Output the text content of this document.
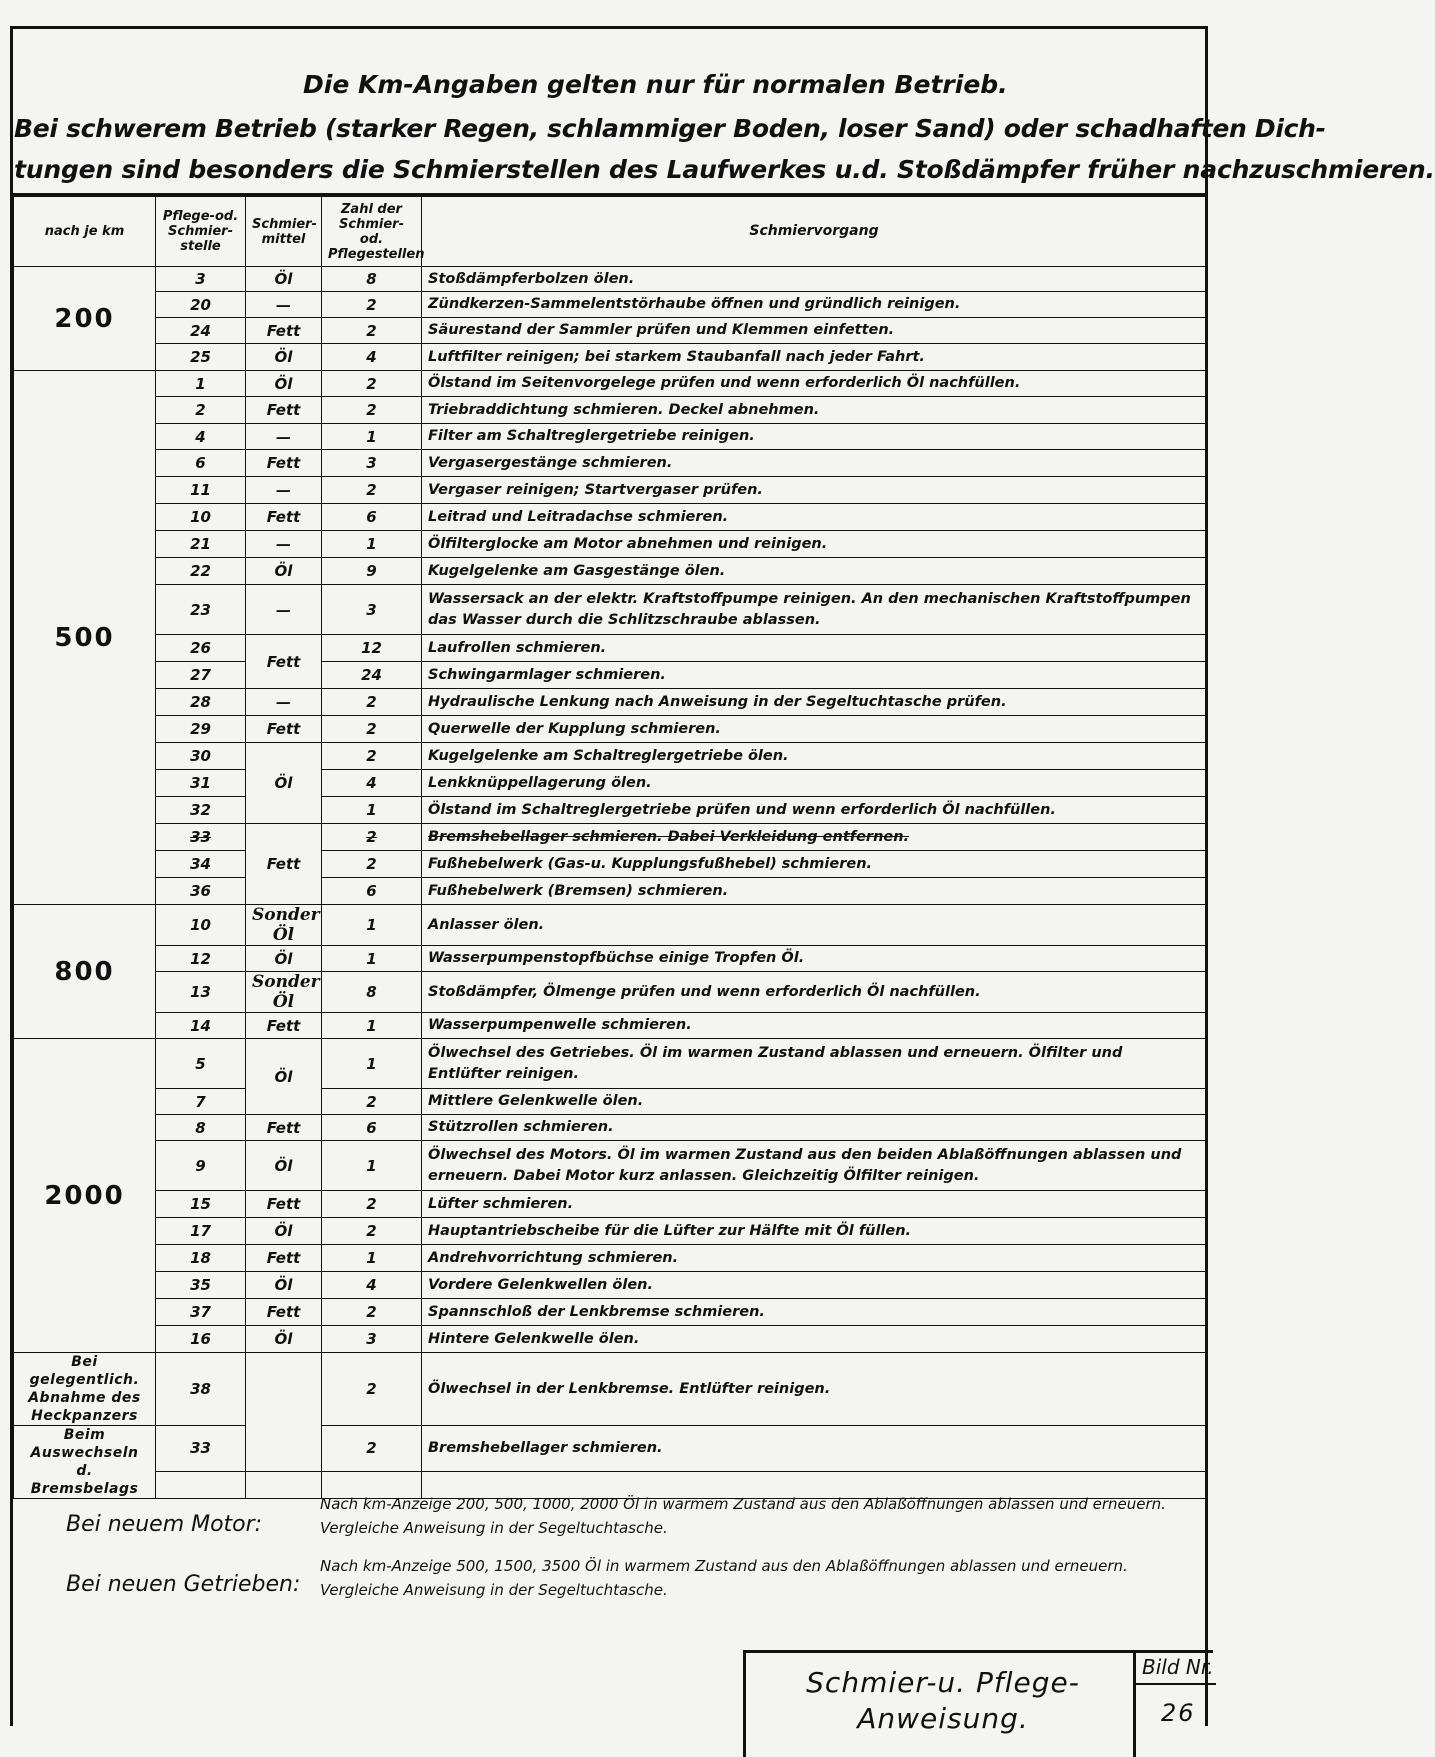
Die Km-Angaben gelten nur für normalen Betrieb.
Bei schwerem Betrieb (starker Regen, schlammiger Boden, loser Sand) oder schadhaften Dich-
tungen sind besonders die Schmierstellen des Laufwerkes u.d. Stoßdämpfer früher nachzuschmieren.
nach je km	Pflege-od. Schmier-stelle	Schmier-mittel	Zahl der Schmier-od. Pflegestellen	Schmiervorgang
200	3	Öl	8	Stoßdämpferbolzen ölen.
	20	—	2	Zündkerzen-Sammelentstörhaube öffnen und gründlich reinigen.
	24	Fett	2	Säurestand der Sammler prüfen und Klemmen einfetten.
	25	Öl	4	Luftfilter reinigen; bei starkem Staubanfall nach jeder Fahrt.
500	1	Öl	2	Ölstand im Seitenvorgelege prüfen und wenn erforderlich Öl nachfüllen.
	2	Fett	2	Triebraddichtung schmieren. Deckel abnehmen.
	4	—	1	Filter am Schaltreglergetriebe reinigen.
	6	Fett	3	Vergasergestänge schmieren.
	11	—	2	Vergaser reinigen; Startvergaser prüfen.
	10	Fett	6	Leitrad und Leitradachse schmieren.
	21	—	1	Ölfilterglocke am Motor abnehmen und reinigen.
	22	Öl	9	Kugelgelenke am Gasgestänge ölen.
	23	—	3	Wassersack an der elektr. Kraftstoffpumpe reinigen. An den mechanischen Kraftstoffpumpen das Wasser durch die Schlitzschraube ablassen.
	26	Fett	12	Laufrollen schmieren.
	27		24	Schwingarmlager schmieren.
	28	—	2	Hydraulische Lenkung nach Anweisung in der Segeltuchtasche prüfen.
	29	Fett	2	Querwelle der Kupplung schmieren.
	30	Öl	2	Kugelgelenke am Schaltreglergetriebe ölen.
	31		4	Lenkknüppellagerung ölen.
	32		1	Ölstand im Schaltreglergetriebe prüfen und wenn erforderlich Öl nachfüllen.
	33	Fett	2	Bremshebellager schmieren. Dabei Verkleidung entfernen.
	34		2	Fußhebelwerk (Gas-u. Kupplungsfußhebel) schmieren.
	36		6	Fußhebelwerk (Bremsen) schmieren.
800	10	Sonder Öl	1	Anlasser ölen.
	12	Öl	1	Wasserpumpenstopfbüchse einige Tropfen Öl.
	13	Sonder Öl	8	Stoßdämpfer, Ölmenge prüfen und wenn erforderlich Öl nachfüllen.
	14	Fett	1	Wasserpumpenwelle schmieren.
2000	5	Öl	1	Ölwechsel des Getriebes. Öl im warmen Zustand ablassen und erneuern. Ölfilter und Entlüfter reinigen.
	7		2	Mittlere Gelenkwelle ölen.
	8	Fett	6	Stützrollen schmieren.
	9	Öl	1	Ölwechsel des Motors. Öl im warmen Zustand aus den beiden Ablaßöffnungen ablassen und erneuern. Dabei Motor kurz anlassen. Gleichzeitig Ölfilter reinigen.
	15	Fett	2	Lüfter schmieren.
	17	Öl	2	Hauptantriebscheibe für die Lüfter zur Hälfte mit Öl füllen.
	18	Fett	1	Andrehvorrichtung schmieren.
	35	Öl	4	Vordere Gelenkwellen ölen.
	37	Fett	2	Spannschloß der Lenkbremse schmieren.
	16	Öl	3	Hintere Gelenkwelle ölen.
Bei gelegentlich. Abnahme des Heckpanzers	38		2	Ölwechsel in der Lenkbremse. Entlüfter reinigen.
Beim Auswechseln d. Bremsbelags	33		2	Bremshebellager schmieren.

Bei neuem Motor:
Nach km-Anzeige 200, 500, 1000, 2000 Öl in warmem Zustand aus den Ablaßöffnungen ablassen und erneuern. Vergleiche Anweisung in der Segeltuchtasche.
Bei neuen Getrieben:
Nach km-Anzeige 500, 1500, 3500 Öl in warmem Zustand aus den Ablaßöffnungen ablassen und erneuern. Vergleiche Anweisung in der Segeltuchtasche.
Schmier-u. Pflege-
Anweisung.
Bild Nr.
26
